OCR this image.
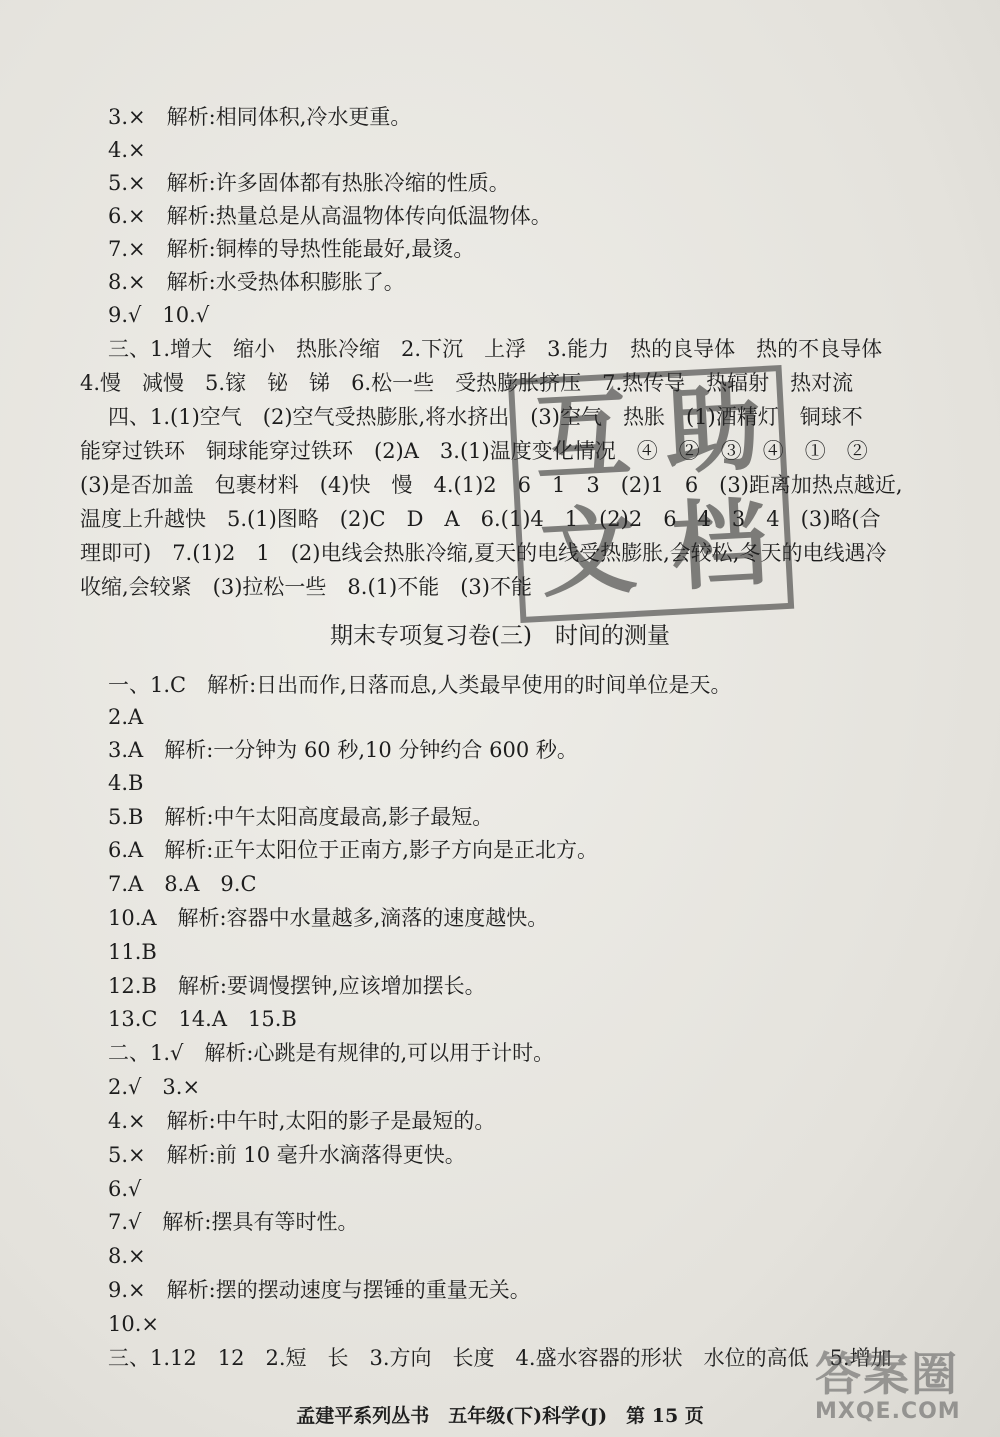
3.×　解析:相同体积,冷水更重。
4.×
5.×　解析:许多固体都有热胀冷缩的性质。
6.×　解析:热量总是从高温物体传向低温物体。
7.×　解析:铜棒的导热性能最好,最烫。
8.×　解析:水受热体积膨胀了。
9.√　10.√
三、1.增大　缩小　热胀冷缩　2.下沉　上浮　3.能力　热的良导体　热的不良导体
4.慢　减慢　5.镓　铋　锑　6.松一些　受热膨胀挤压　7.热传导　热辐射　热对流
四、1.(1)空气　(2)空气受热膨胀,将水挤出　(3)空气　热胀　(1)酒精灯　铜球不
能穿过铁环　铜球能穿过铁环　(2)A　3.(1)温度变化情况　④　②　③　④　①　②
(3)是否加盖　包裹材料　(4)快　慢　4.(1)2　6　1　3　(2)1　6　(3)距离加热点越近,
温度上升越快　5.(1)图略　(2)C　D　A　6.(1)4　1　(2)2　6　4　3　4　(3)略(合
理即可)　7.(1)2　1　(2)电线会热胀冷缩,夏天的电线受热膨胀,会较松,冬天的电线遇冷
收缩,会较紧　(3)拉松一些　8.(1)不能　(3)不能
互 助
文 档
期末专项复习卷(三)　时间的测量
一、1.C　解析:日出而作,日落而息,人类最早使用的时间单位是天。
2.A
3.A　解析:一分钟为 60 秒,10 分钟约合 600 秒。
4.B
5.B　解析:中午太阳高度最高,影子最短。
6.A　解析:正午太阳位于正南方,影子方向是正北方。
7.A　8.A　9.C
10.A　解析:容器中水量越多,滴落的速度越快。
11.B
12.B　解析:要调慢摆钟,应该增加摆长。
13.C　14.A　15.B
二、1.√　解析:心跳是有规律的,可以用于计时。
2.√　3.×
4.×　解析:中午时,太阳的影子是最短的。
5.×　解析:前 10 毫升水滴落得更快。
6.√
7.√　解析:摆具有等时性。
8.×
9.×　解析:摆的摆动速度与摆锤的重量无关。
10.×
三、1.12　12　2.短　长　3.方向　长度　4.盛水容器的形状　水位的高低　5.增加
答案圈
MXQE.COM
孟建平系列丛书　五年级(下)科学(J)　第 15 页
